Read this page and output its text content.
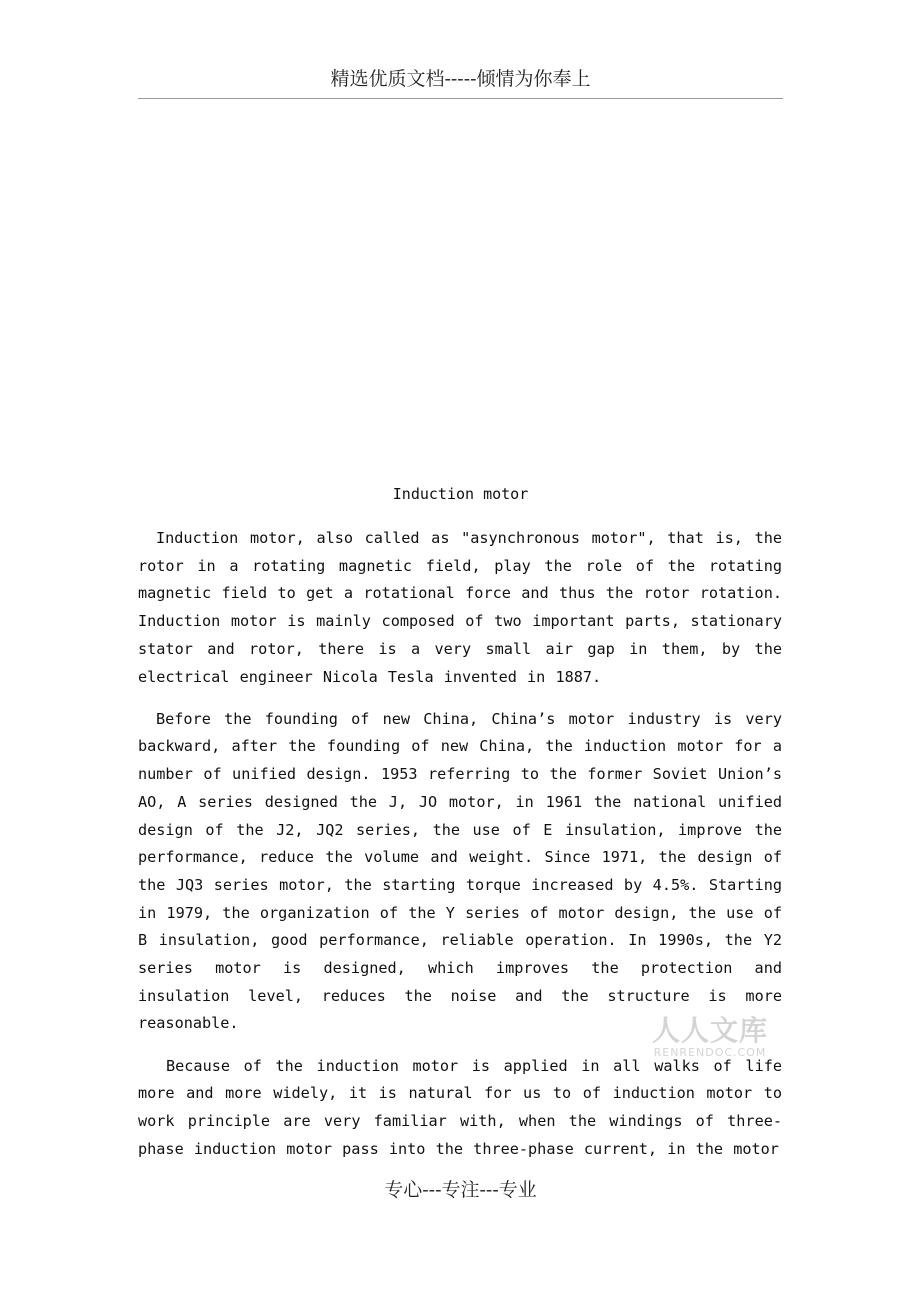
精选优质文档-----倾情为你奉上
Induction motor

Induction motor, also called as "asynchronous motor", that is, the rotor in a rotating magnetic field, play the role of the rotating magnetic field to get a rotational force and thus the rotor rotation. Induction motor is mainly composed of two important parts, stationary stator and rotor, there is a very small air gap in them, by the electrical engineer Nicola Tesla invented in 1887.

Before the founding of new China, China’s motor industry is very backward, after the founding of new China, the induction motor for a number of unified design. 1953 referring to the former Soviet Union’s AO, A series designed the J, JO motor, in 1961 the national unified design of the J2, JQ2 series, the use of E insulation, improve the performance, reduce the volume and weight. Since 1971, the design of the JQ3 series motor, the starting torque increased by 4.5%. Starting in 1979, the organization of the Y series of motor design, the use of B insulation, good performance, reliable operation. In 1990s, the Y2 series motor is designed, which improves the protection and insulation level, reduces the noise and the structure is more reasonable.

Because of the induction motor is applied in all walks of life more and more widely, it is natural for us to of induction motor to work principle are very familiar with, when the windings of three-phase induction motor pass into the three-phase current, in the motor

人人文库
RENRENDOC.COM
专心---专注---专业
